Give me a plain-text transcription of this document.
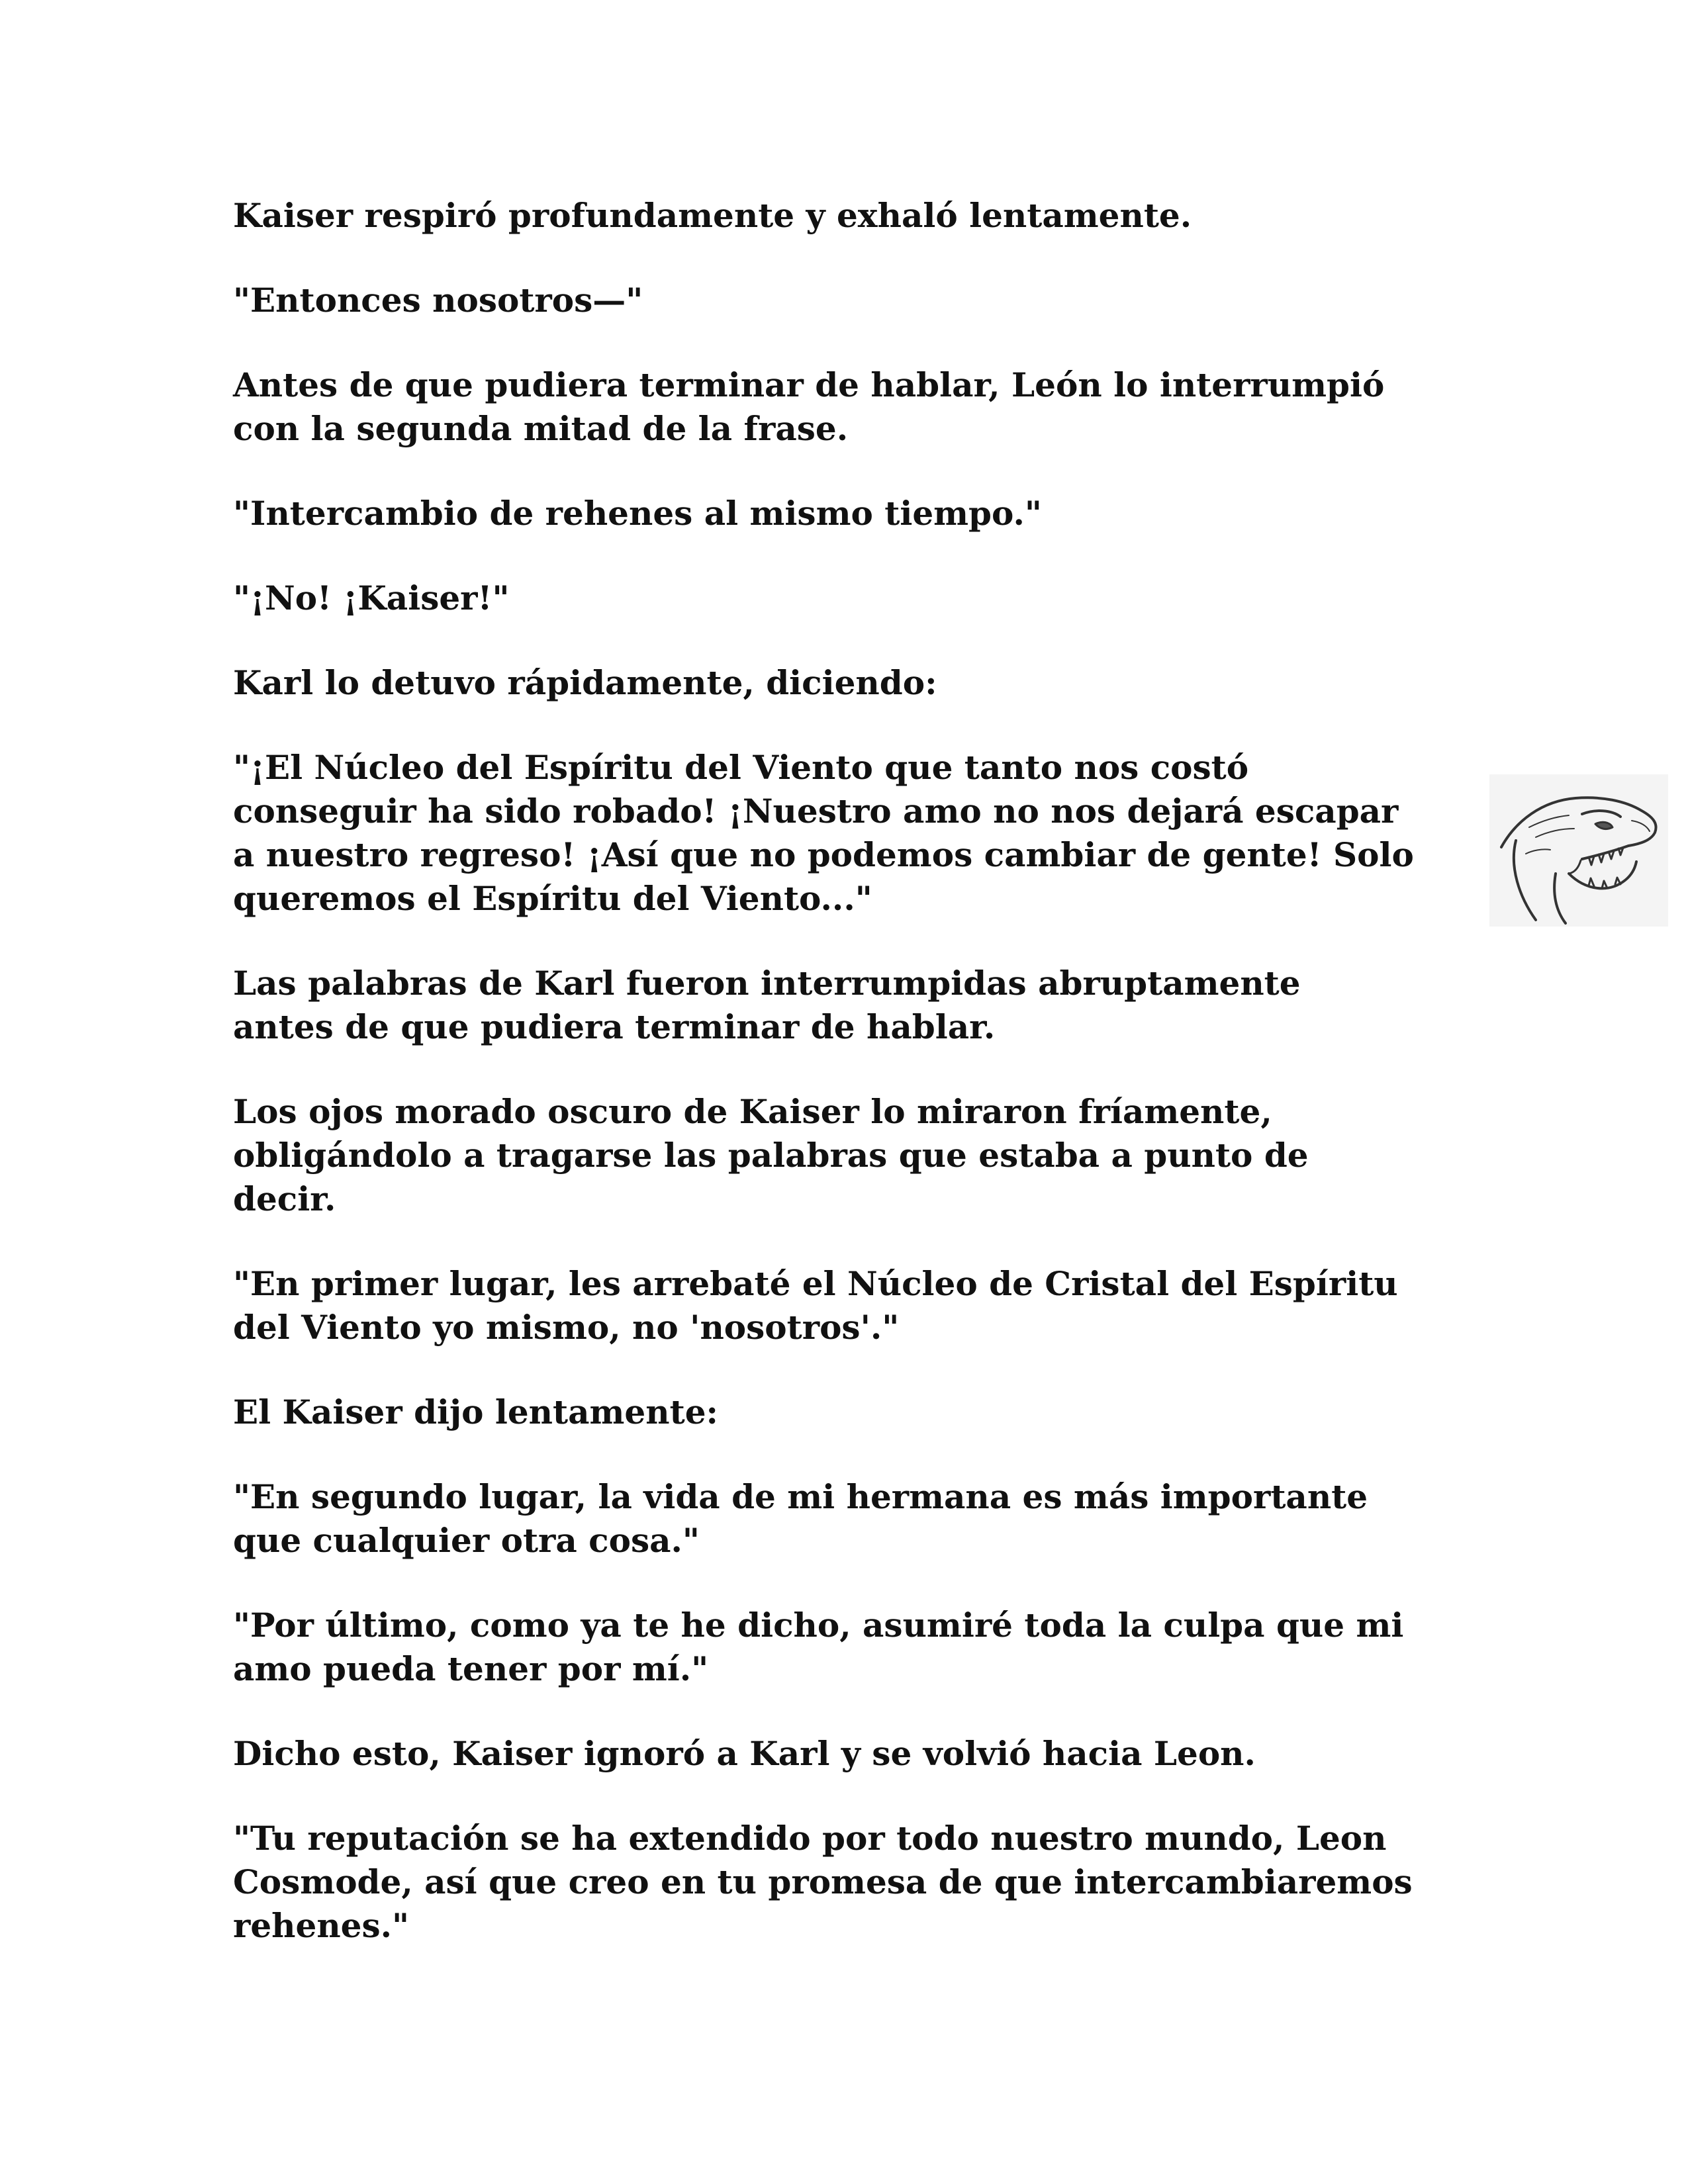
Kaiser respiró profundamente y exhaló lentamente.

"Entonces nosotros—"

Antes de que pudiera terminar de hablar, León lo interrumpió
con la segunda mitad de la frase.

"Intercambio de rehenes al mismo tiempo."

"¡No! ¡Kaiser!"

Karl lo detuvo rápidamente, diciendo:

"¡El Núcleo del Espíritu del Viento que tanto nos costó
conseguir ha sido robado! ¡Nuestro amo no nos dejará escapar
a nuestro regreso! ¡Así que no podemos cambiar de gente! Solo
queremos el Espíritu del Viento..."

Las palabras de Karl fueron interrumpidas abruptamente
antes de que pudiera terminar de hablar.

Los ojos morado oscuro de Kaiser lo miraron fríamente,
obligándolo a tragarse las palabras que estaba a punto de
decir.

"En primer lugar, les arrebaté el Núcleo de Cristal del Espíritu
del Viento yo mismo, no 'nosotros'."

El Kaiser dijo lentamente:

"En segundo lugar, la vida de mi hermana es más importante
que cualquier otra cosa."

"Por último, como ya te he dicho, asumiré toda la culpa que mi
amo pueda tener por mí."

Dicho esto, Kaiser ignoró a Karl y se volvió hacia Leon.

"Tu reputación se ha extendido por todo nuestro mundo, Leon
Cosmode, así que creo en tu promesa de que intercambiaremos
rehenes."
